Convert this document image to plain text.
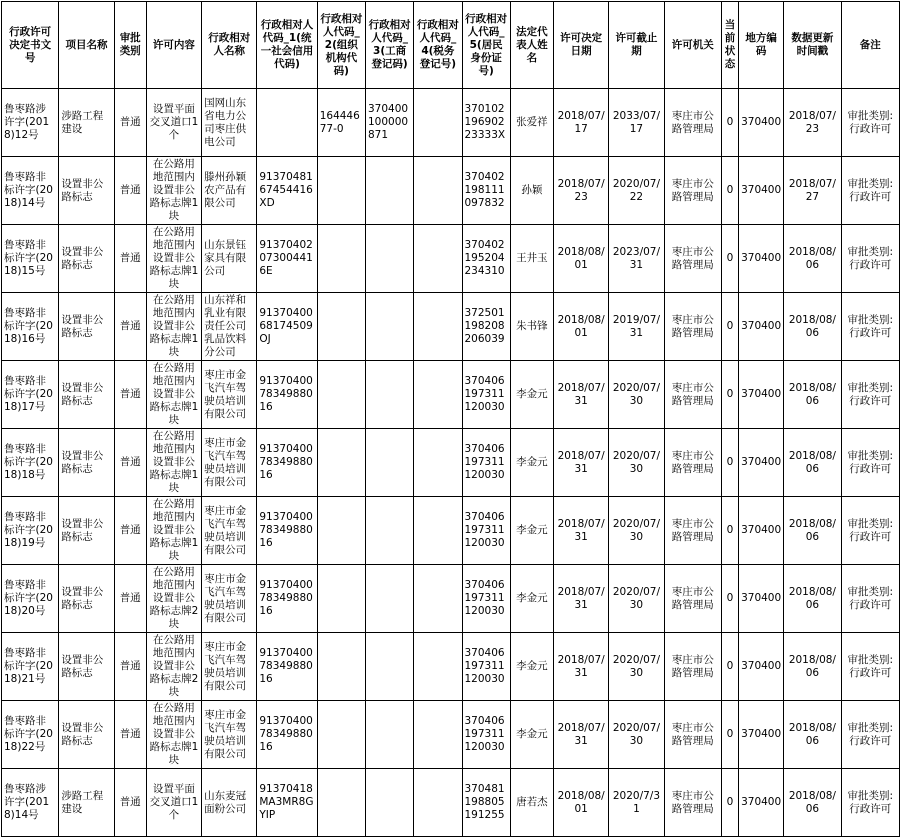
行政许可决定书文号	项目名称	审批类别	许可内容	行政相对人名称	行政相对人代码_1(统一社会信用代码)	行政相对人代码_2(组织机构代码)	行政相对人代码_3(工商登记码)	行政相对人代码_4(税务登记号)	行政相对人代码_5(居民身份证号)	法定代表人姓名	许可决定日期	许可截止期	许可机关	当前状态	地方编码	数据更新时间戳	备注
鲁枣路涉许字(2018)12号	涉路工程建设	普通	设置平面交叉道口1个	国网山东省电力公司枣庄供电公司		16444677-0	370400100000871		37010219690223333X	张爱祥	2018/07/17	2033/07/17	枣庄市公路管理局	0	370400	2018/07/23	审批类别:行政许可
鲁枣路非标许字(2018)14号	设置非公路标志	普通	在公路用地范围内设置非公路标志牌1块	滕州孙颖农产品有限公司	9137048167454416XD				370402198111097832	孙颖	2018/07/23	2020/07/22	枣庄市公路管理局	0	370400	2018/07/27	审批类别:行政许可
鲁枣路非标许字(2018)15号	设置非公路标志	普通	在公路用地范围内设置非公路标志牌1块	山东景钰家具有限公司	91370402073004416E				370402195204234310	王井玉	2018/08/01	2023/07/31	枣庄市公路管理局	0	370400	2018/08/06	审批类别:行政许可
鲁枣路非标许字(2018)16号	设置非公路标志	普通	在公路用地范围内设置非公路标志牌1块	山东祥和乳业有限责任公司乳品饮料分公司	9137040068174509OJ				372501198208206039	朱书锋	2018/08/01	2019/07/31	枣庄市公路管理局	0	370400	2018/08/06	审批类别:行政许可
鲁枣路非标许字(2018)17号	设置非公路标志	普通	在公路用地范围内设置非公路标志牌1块	枣庄市金飞汽车驾驶员培训有限公司	913704007834988016				370406197311120030	李金元	2018/07/31	2020/07/30	枣庄市公路管理局	0	370400	2018/08/06	审批类别:行政许可
鲁枣路非标许字(2018)18号	设置非公路标志	普通	在公路用地范围内设置非公路标志牌1块	枣庄市金飞汽车驾驶员培训有限公司	913704007834988016				370406197311120030	李金元	2018/07/31	2020/07/30	枣庄市公路管理局	0	370400	2018/08/06	审批类别:行政许可
鲁枣路非标许字(2018)19号	设置非公路标志	普通	在公路用地范围内设置非公路标志牌1块	枣庄市金飞汽车驾驶员培训有限公司	913704007834988016				370406197311120030	李金元	2018/07/31	2020/07/30	枣庄市公路管理局	0	370400	2018/08/06	审批类别:行政许可
鲁枣路非标许字(2018)20号	设置非公路标志	普通	在公路用地范围内设置非公路标志牌2块	枣庄市金飞汽车驾驶员培训有限公司	913704007834988016				370406197311120030	李金元	2018/07/31	2020/07/30	枣庄市公路管理局	0	370400	2018/08/06	审批类别:行政许可
鲁枣路非标许字(2018)21号	设置非公路标志	普通	在公路用地范围内设置非公路标志牌2块	枣庄市金飞汽车驾驶员培训有限公司	913704007834988016				370406197311120030	李金元	2018/07/31	2020/07/30	枣庄市公路管理局	0	370400	2018/08/06	审批类别:行政许可
鲁枣路非标许字(2018)22号	设置非公路标志	普通	在公路用地范围内设置非公路标志牌1块	枣庄市金飞汽车驾驶员培训有限公司	913704007834988016				370406197311120030	李金元	2018/07/31	2020/07/30	枣庄市公路管理局	0	370400	2018/08/06	审批类别:行政许可
鲁枣路涉许字(2018)14号	涉路工程建设	普通	设置平面交叉道口1个	山东麦冠面粉公司	91370418MA3MR8GYIP				370481198805191255	唐若杰	2018/08/01	2020/7/31	枣庄市公路管理局	0	370400	2018/08/06	审批类别:行政许可
